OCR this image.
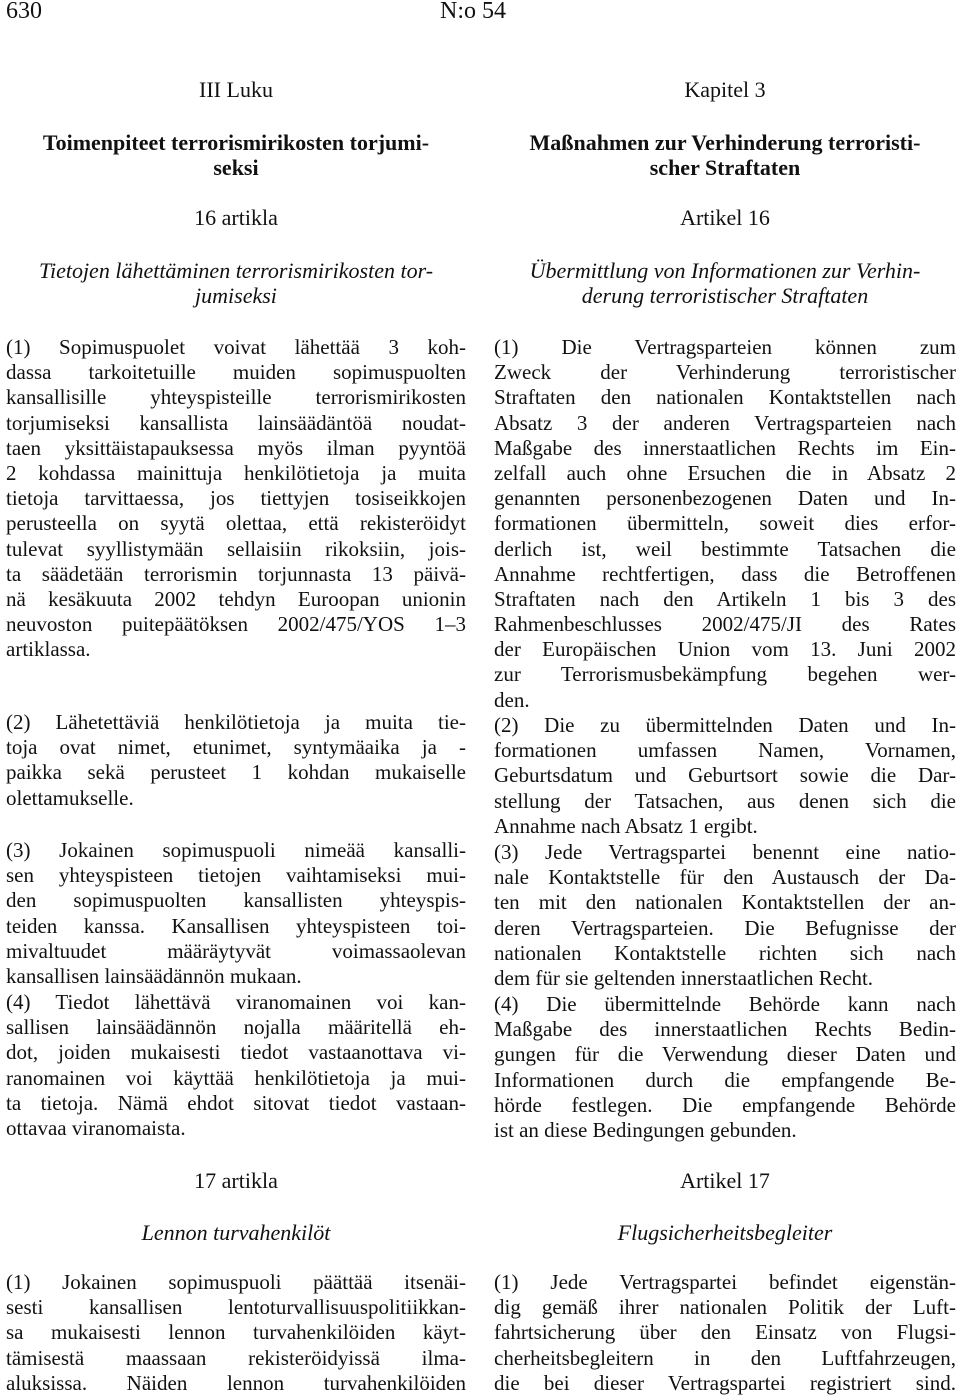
630	N:o 54
III Luku
Toimenpiteet terrorismirikosten torjumi-
seksi
16 artikla
Tietojen lähettäminen terrorismirikosten tor-
jumiseksi
(1) Sopimuspuolet voivat lähettää 3 koh-
dassa tarkoitetuille muiden sopimuspuolten
kansallisille yhteyspisteille terrorismirikosten
torjumiseksi kansallista lainsäädäntöä noudat-
taen yksittäistapauksessa myös ilman pyyntöä
2 kohdassa mainittuja henkilötietoja ja muita
tietoja tarvittaessa, jos tiettyjen tosiseikkojen
perusteella on syytä olettaa, että rekisteröidyt
tulevat syyllistymään sellaisiin rikoksiin, jois-
ta säädetään terrorismin torjunnasta 13 päivä-
nä kesäkuuta 2002 tehdyn Euroopan unionin
neuvoston puitepäätöksen 2002/475/YOS 1–3
artiklassa.
(2) Lähetettäviä henkilötietoja ja muita tie-
toja ovat nimet, etunimet, syntymäaika ja -
paikka sekä perusteet 1 kohdan mukaiselle
olettamukselle.
(3) Jokainen sopimuspuoli nimeää kansalli-
sen yhteyspisteen tietojen vaihtamiseksi mui-
den sopimuspuolten kansallisten yhteyspis-
teiden kanssa. Kansallisen yhteyspisteen toi-
mivaltuudet määräytyvät voimassaolevan
kansallisen lainsäädännön mukaan.
(4) Tiedot lähettävä viranomainen voi kan-
sallisen lainsäädännön nojalla määritellä eh-
dot, joiden mukaisesti tiedot vastaanottava vi-
ranomainen voi käyttää henkilötietoja ja mui-
ta tietoja. Nämä ehdot sitovat tiedot vastaan-
ottavaa viranomaista.
17 artikla
Lennon turvahenkilöt
(1) Jokainen sopimuspuoli päättää itsenäi-
sesti kansallisen lentoturvallisuuspolitiikkan-
sa mukaisesti lennon turvahenkilöiden käyt-
tämisestä maassaan rekisteröidyissä ilma-
aluksissa. Näiden lennon turvahenkilöiden
Kapitel 3
Maßnahmen zur Verhinderung terroristi-
scher Straftaten
Artikel 16
Übermittlung von Informationen zur Verhin-
derung terroristischer Straftaten
(1) Die Vertragsparteien können zum
Zweck der Verhinderung terroristischer
Straftaten den nationalen Kontaktstellen nach
Absatz 3 der anderen Vertragsparteien nach
Maßgabe des innerstaatlichen Rechts im Ein-
zelfall auch ohne Ersuchen die in Absatz 2
genannten personenbezogenen Daten und In-
formationen übermitteln, soweit dies erfor-
derlich ist, weil bestimmte Tatsachen die
Annahme rechtfertigen, dass die Betroffenen
Straftaten nach den Artikeln 1 bis 3 des
Rahmenbeschlusses 2002/475/JI des Rates
der Europäischen Union vom 13. Juni 2002
zur Terrorismusbekämpfung begehen wer-
den.
(2) Die zu übermittelnden Daten und In-
formationen umfassen Namen, Vornamen,
Geburtsdatum und Geburtsort sowie die Dar-
stellung der Tatsachen, aus denen sich die
Annahme nach Absatz 1 ergibt.
(3) Jede Vertragspartei benennt eine natio-
nale Kontaktstelle für den Austausch der Da-
ten mit den nationalen Kontaktstellen der an-
deren Vertragsparteien. Die Befugnisse der
nationalen Kontaktstelle richten sich nach
dem für sie geltenden innerstaatlichen Recht.
(4) Die übermittelnde Behörde kann nach
Maßgabe des innerstaatlichen Rechts Bedin-
gungen für die Verwendung dieser Daten und
Informationen durch die empfangende Be-
hörde festlegen. Die empfangende Behörde
ist an diese Bedingungen gebunden.
Artikel 17
Flugsicherheitsbegleiter
(1) Jede Vertragspartei befindet eigenstän-
dig gemäß ihrer nationalen Politik der Luft-
fahrtsicherung über den Einsatz von Flugsi-
cherheitsbegleitern in den Luftfahrzeugen,
die bei dieser Vertragspartei registriert sind.
